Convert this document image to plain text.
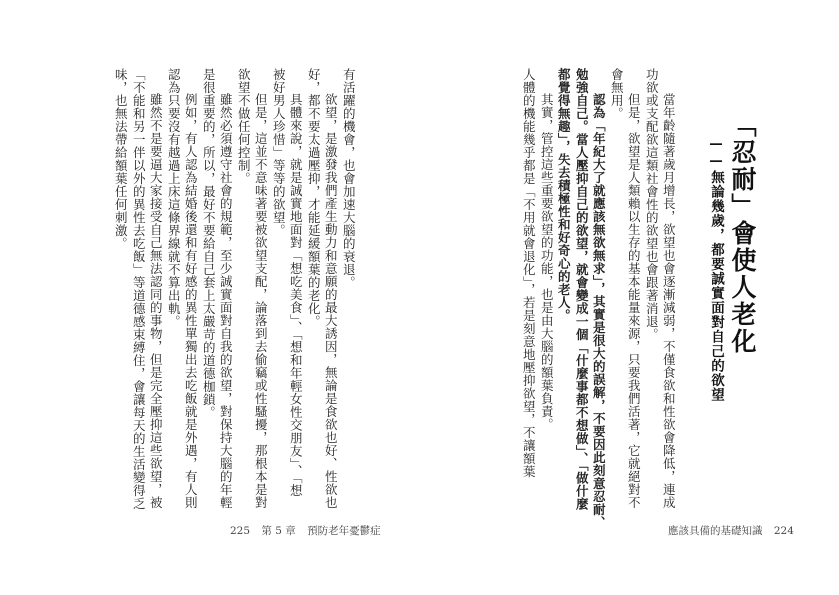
有活躍的機會，也會加速大腦的衰退。
欲望，是激發我們產生動力和意願的最大誘因，無論是食欲也好、性欲也
好，都不要太過壓抑，才能延緩額葉的老化。
具體來說，就是誠實地面對「想吃美食」、「想和年輕女性交朋友」、「想
被好男人珍惜」等等的欲望。
但是，這並不意味著要被欲望支配，論落到去偷竊或性騷擾，那根本是對
欲望不做任何控制。
雖然必須遵守社會的規範，至少誠實面對自我的欲望，對保持大腦的年輕
是很重要的，所以，最好不要給自己套上太嚴苛的道德枷鎖。
例如，有人認為結婚後還和有好感的異性單獨出去吃飯就是外遇，有人則
認為只要沒有越過上床這條界線就不算出軌。
雖然不是要逼大家接受自己無法認同的事物，但是完全壓抑這些欲望，被
「不能和另一伴以外的異性去吃飯」等道德感束縛住，會讓每天的生活變得乏
味，也無法帶給額葉任何刺激。
225 第 5 章 預防老年憂鬱症
「忍耐」會使人老化
——無論幾歲，都要誠實面對自己的欲望
當年齡隨著歲月增長，欲望也會逐漸減弱，不僅食欲和性欲會降低，連成
功欲或支配欲這類社會性的欲望也會跟著消退。
但是，欲望是人類賴以生存的基本能量來源，只要我們活著，它就絕對不
會無用。
認為「年紀大了就應該無欲無求」，其實是很大的誤解，不要因此刻意忍耐、
勉強自己。當人壓抑自己的欲望，就會變成一個「什麼事都不想做」、「做什麼
都覺得無趣」，失去積極性和好奇心的老人。
其實，管控這些重要欲望的功能，也是由大腦的額葉負責。
人體的機能幾乎都是「不用就會退化」，若是刻意地壓抑欲望，不讓額葉
應該具備的基礎知識 224
